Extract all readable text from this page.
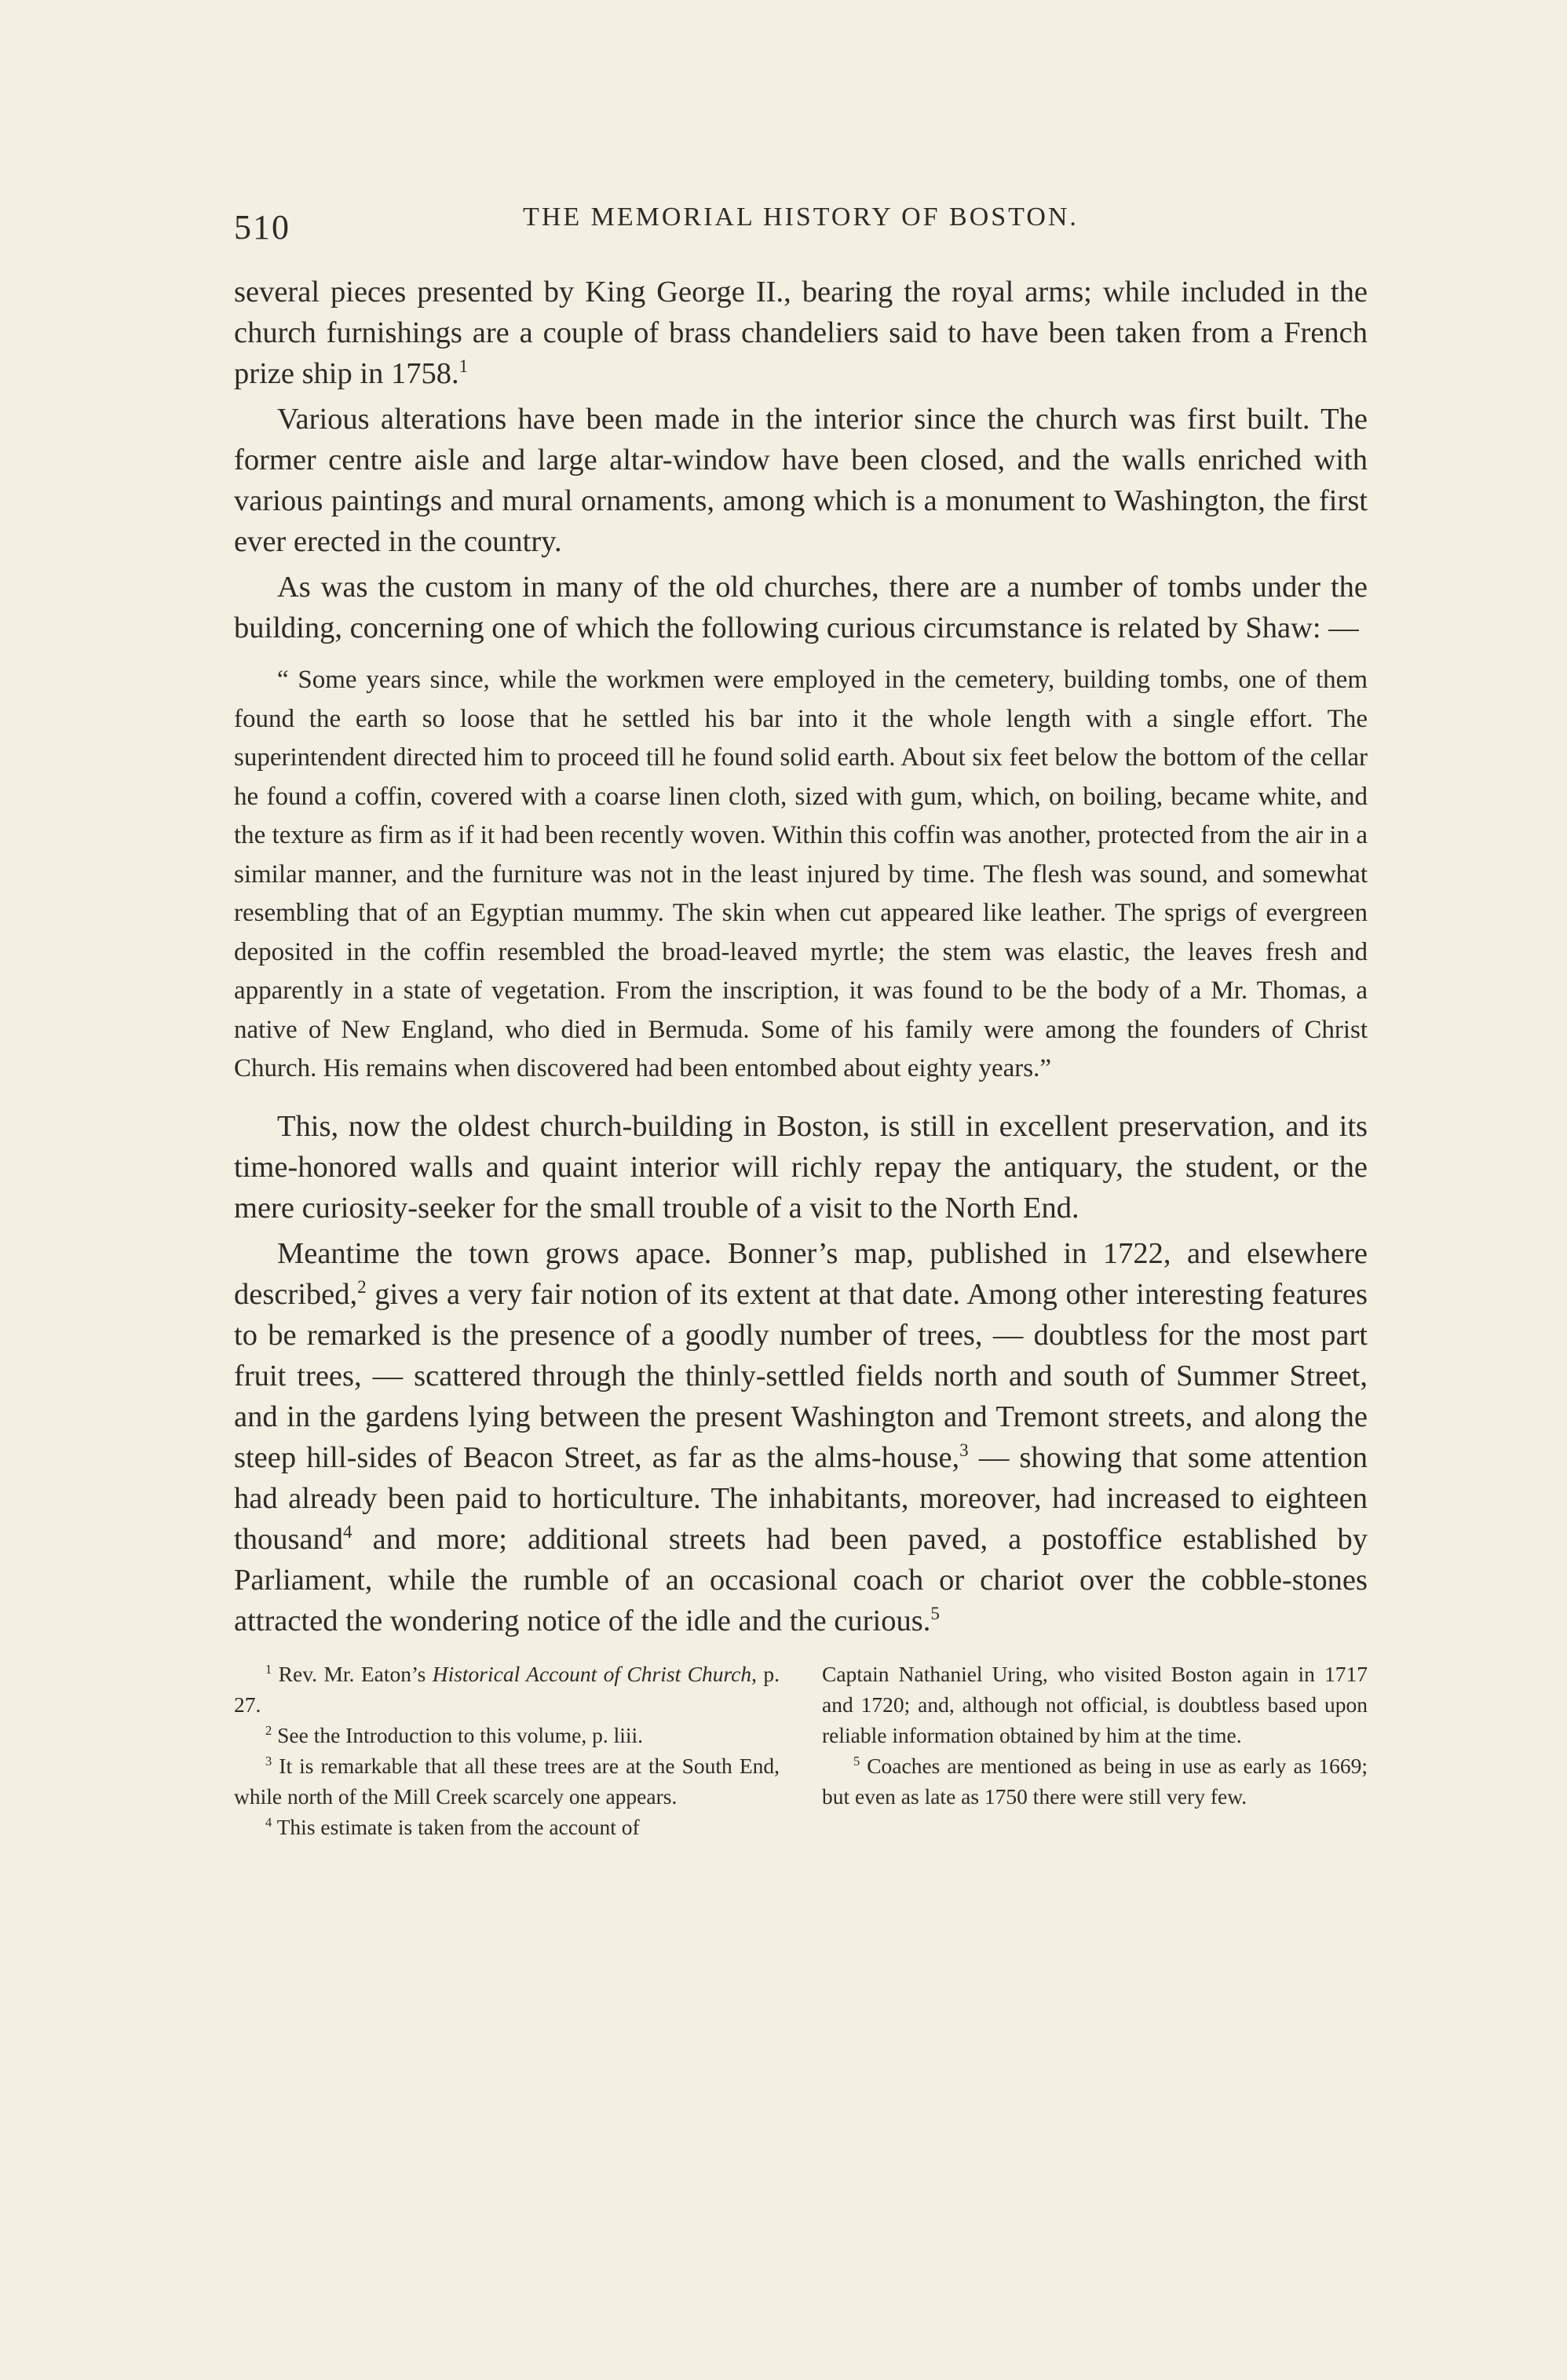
510	THE MEMORIAL HISTORY OF BOSTON.

several pieces presented by King George II., bearing the royal arms; while included in the church furnishings are a couple of brass chandeliers said to have been taken from a French prize ship in 1758.$^1$

Various alterations have been made in the interior since the church was first built. The former centre aisle and large altar-window have been closed, and the walls enriched with various paintings and mural ornaments, among which is a monument to Washington, the first ever erected in the country.

As was the custom in many of the old churches, there are a number of tombs under the building, concerning one of which the following curious circumstance is related by Shaw: —

“ Some years since, while the workmen were employed in the cemetery, building tombs, one of them found the earth so loose that he settled his bar into it the whole length with a single effort. The superintendent directed him to proceed till he found solid earth. About six feet below the bottom of the cellar he found a coffin, covered with a coarse linen cloth, sized with gum, which, on boiling, became white, and the texture as firm as if it had been recently woven. Within this coffin was another, protected from the air in a similar manner, and the furniture was not in the least injured by time. The flesh was sound, and somewhat resembling that of an Egyptian mummy. The skin when cut appeared like leather. The sprigs of evergreen deposited in the coffin resembled the broad-leaved myrtle; the stem was elastic, the leaves fresh and apparently in a state of vegetation. From the inscription, it was found to be the body of a Mr. Thomas, a native of New England, who died in Bermuda. Some of his family were among the founders of Christ Church. His remains when discovered had been entombed about eighty years.”

This, now the oldest church-building in Boston, is still in excellent preservation, and its time-honored walls and quaint interior will richly repay the antiquary, the student, or the mere curiosity-seeker for the small trouble of a visit to the North End.

Meantime the town grows apace. Bonner’s map, published in 1722, and elsewhere described,$^2$ gives a very fair notion of its extent at that date. Among other interesting features to be remarked is the presence of a goodly number of trees, — doubtless for the most part fruit trees, — scattered through the thinly-settled fields north and south of Summer Street, and in the gardens lying between the present Washington and Tremont streets, and along the steep hill-sides of Beacon Street, as far as the alms-house,$^3$ — showing that some attention had already been paid to horticulture. The inhabitants, moreover, had increased to eighteen thousand$^4$ and more; additional streets had been paved, a postoffice established by Parliament, while the rumble of an occasional coach or chariot over the cobble-stones attracted the wondering notice of the idle and the curious.$^5$

$^1$ Rev. Mr. Eaton’s Historical Account of Christ Church, p. 27.

$^2$ See the Introduction to this volume, p. liii.

$^3$ It is remarkable that all these trees are at the South End, while north of the Mill Creek scarcely one appears.

$^4$ This estimate is taken from the account of

Captain Nathaniel Uring, who visited Boston again in 1717 and 1720; and, although not official, is doubtless based upon reliable information obtained by him at the time.

$^5$ Coaches are mentioned as being in use as early as 1669; but even as late as 1750 there were still very few.
